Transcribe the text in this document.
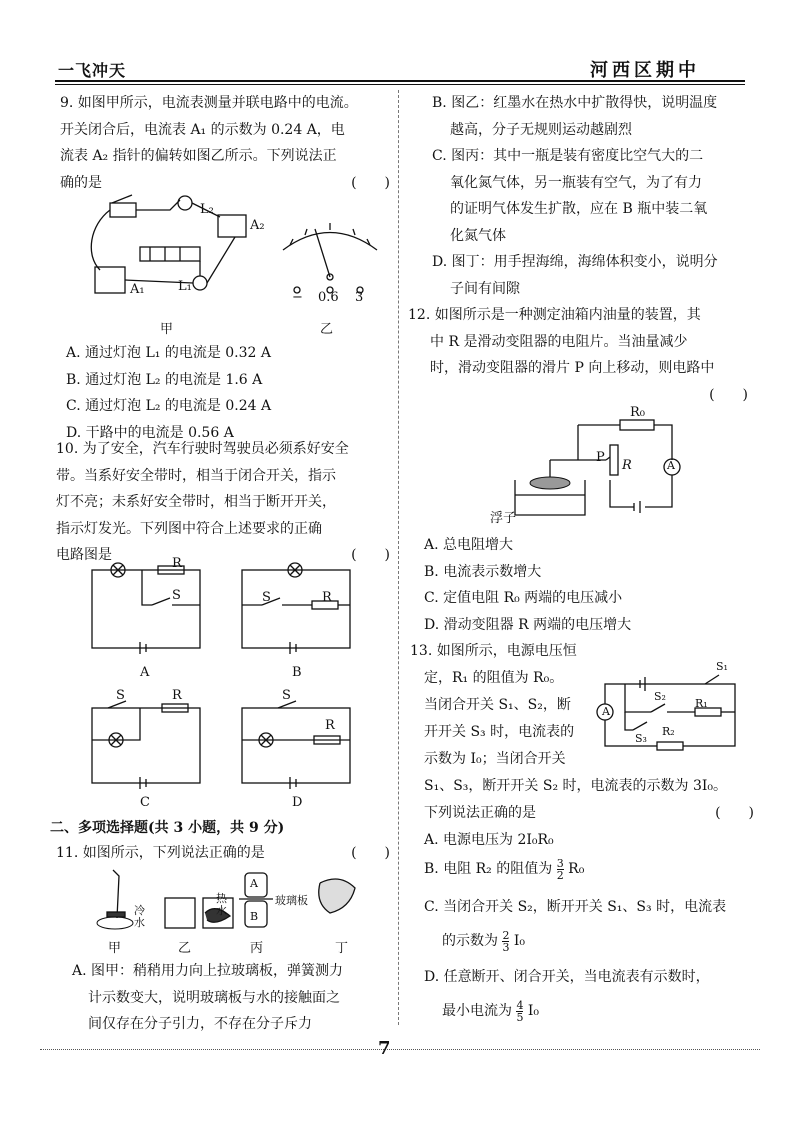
一飞冲天	河西区期中

9. 如图甲所示，电流表测量并联电路中的电流。

开关闭合后，电流表 A₁ 的示数为 0.24 A，电

流表 A₂ 指针的偏转如图乙所示。下列说法正

确的是	(　　)

L₂
A₂
A₁	L₁
甲
− 0.6 3
乙

A. 通过灯泡 L₁ 的电流是 0.32 A

B. 通过灯泡 L₂ 的电流是 1.6 A

C. 通过灯泡 L₂ 的电流是 0.24 A

D. 干路中的电流是 0.56 A

10. 为了安全，汽车行驶时驾驶员必须系好安全

带。当系好安全带时，相当于闭合开关，指示

灯不亮；未系好安全带时，相当于断开开关，

指示灯发光。下列图中符合上述要求的正确

电路图是	(　　)

R
S
A
S	R
B
S	R
C
S
R
D
二、多项选择题(共 3 小题，共 9 分)

11. 如图所示，下列说法正确的是	(　　)

冷水
热水
A
B
玻璃板
甲	乙	丙	丁

A. 图甲：稍稍用力向上拉玻璃板，弹簧测力

计示数变大，说明玻璃板与水的接触面之

间仅存在分子引力，不存在分子斥力

B. 图乙：红墨水在热水中扩散得快，说明温度

越高，分子无规则运动越剧烈

C. 图丙：其中一瓶是装有密度比空气大的二

氧化氮气体，另一瓶装有空气，为了有力

的证明气体发生扩散，应在 B 瓶中装二氧

化氮气体

D. 图丁：用手捏海绵，海绵体积变小，说明分

子间有间隙

12. 如图所示是一种测定油箱内油量的装置，其

中 R 是滑动变阻器的电阻片。当油量减少

时，滑动变阻器的滑片 P 向上移动，则电路中

(　　)

R₀
P
R	A
浮子

A. 总电阻增大

B. 电流表示数增大

C. 定值电阻 R₀ 两端的电压减小

D. 滑动变阻器 R 两端的电压增大

13. 如图所示，电源电压恒

定，R₁ 的阻值为 R₀。

当闭合开关 S₁、S₂，断

开开关 S₃ 时，电流表的

示数为 I₀；当闭合开关

A
S₁
S₂
S₃
R₁
R₂

S₁、S₃，断开开关 S₂ 时，电流表的示数为 3I₀。

下列说法正确的是	(　　)

A. 电源电压为 2I₀R₀

B. 电阻 R₂ 的阻值为 $\frac{3}{2} R_0$

C. 当闭合开关 S₂，断开开关 S₁、S₃ 时，电流表

的示数为 $\frac{2}{3} I_0$

D. 任意断开、闭合开关，当电流表有示数时，

最小电流为 $\frac{4}{5} I_0$

7
